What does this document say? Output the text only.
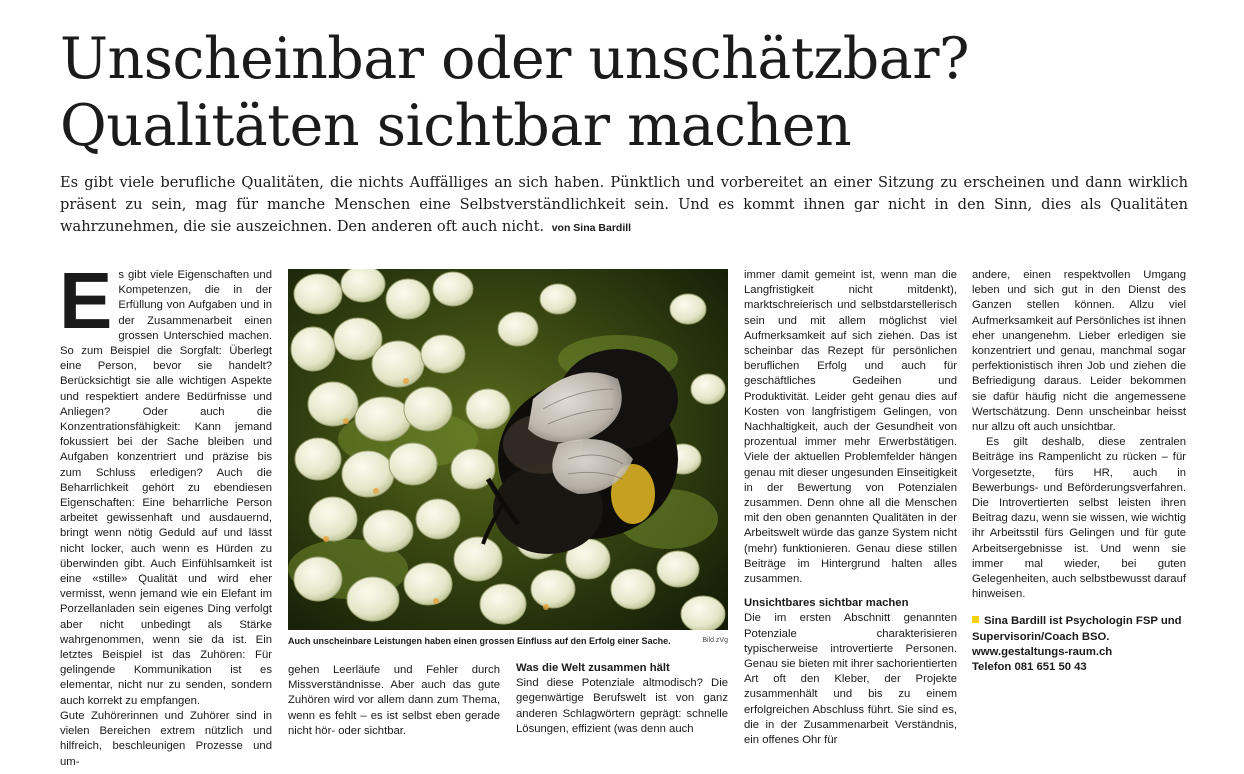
Unscheinbar oder unschätzbar?
Qualitäten sichtbar machen

Es gibt viele berufliche Qualitäten, die nichts Auffälliges an sich haben. Pünktlich und vorbereitet an einer Sitzung zu erscheinen und dann wirklich präsent zu sein, mag für manche Menschen eine Selbstverständlichkeit sein. Und es kommt ihnen gar nicht in den Sinn, dies als Qualitäten wahrzunehmen, die sie auszeichnen. Den anderen oft auch nicht. von Sina Bardill

Es gibt viele Eigenschaften und Kompetenzen, die in der Erfüllung von Aufgaben und in der Zusammenarbeit einen grossen Unterschied machen. So zum Beispiel die Sorgfalt: Überlegt eine Person, bevor sie handelt? Berücksichtigt sie alle wichtigen Aspekte und respektiert andere Bedürfnisse und Anliegen? Oder auch die Konzentrationsfähigkeit: Kann jemand fokussiert bei der Sache bleiben und Aufgaben konzentriert und präzise bis zum Schluss erledigen? Auch die Beharrlichkeit gehört zu ebendiesen Eigenschaften: Eine beharrliche Person arbeitet gewissenhaft und ausdauernd, bringt wenn nötig Geduld auf und lässt nicht locker, auch wenn es Hürden zu überwinden gibt. Auch Einfühlsamkeit ist eine «stille» Qualität und wird eher vermisst, wenn jemand wie ein Elefant im Porzellanladen sein eigenes Ding verfolgt aber nicht unbedingt als Stärke wahrgenommen, wenn sie da ist. Ein letztes Beispiel ist das Zuhören: Für gelingende Kommunikation ist es elementar, nicht nur zu senden, sondern auch korrekt zu empfangen.

Gute Zuhörerinnen und Zuhörer sind in vielen Bereichen extrem nützlich und hilfreich, beschleunigen Prozesse und um-

Auch unscheinbare Leistungen haben einen grossen Einfluss auf den Erfolg einer Sache.	Bild zVg

gehen Leerläufe und Fehler durch Missverständnisse. Aber auch das gute Zuhören wird vor allem dann zum Thema, wenn es fehlt – es ist selbst eben gerade nicht hör- oder sichtbar.

Was die Welt zusammen hält

Sind diese Potenziale altmodisch? Die gegenwärtige Berufswelt ist von ganz anderen Schlagwörtern geprägt: schnelle Lösungen, effizient (was denn auch

immer damit gemeint ist, wenn man die Langfristigkeit nicht mitdenkt), marktschreierisch und selbstdarstellerisch sein und mit allem möglichst viel Aufmerksamkeit auf sich ziehen. Das ist scheinbar das Rezept für persönlichen beruflichen Erfolg und auch für geschäftliches Gedeihen und Produktivität. Leider geht genau dies auf Kosten von langfristigem Gelingen, von Nachhaltigkeit, auch der Gesundheit von prozentual immer mehr Erwerbstätigen. Viele der aktuellen Problemfelder hängen genau mit dieser ungesunden Einseitigkeit in der Bewertung von Potenzialen zusammen. Denn ohne all die Menschen mit den oben genannten Qualitäten in der Arbeitswelt würde das ganze System nicht (mehr) funktionieren. Genau diese stillen Beiträge im Hintergrund halten alles zusammen.

Unsichtbares sichtbar machen

Die im ersten Abschnitt genannten Potenziale charakterisieren typischerweise introvertierte Personen. Genau sie bieten mit ihrer sachorientierten Art oft den Kleber, der Projekte zusammenhält und bis zu einem erfolgreichen Abschluss führt. Sie sind es, die in der Zusammenarbeit Verständnis, ein offenes Ohr für

andere, einen respektvollen Umgang leben und sich gut in den Dienst des Ganzen stellen können. Allzu viel Aufmerksamkeit auf Persönliches ist ihnen eher unangenehm. Lieber erledigen sie konzentriert und genau, manchmal sogar perfektionistisch ihren Job und ziehen die Befriedigung daraus. Leider bekommen sie dafür häufig nicht die angemessene Wertschätzung. Denn unscheinbar heisst nur allzu oft auch unsichtbar.

Es gilt deshalb, diese zentralen Beiträge ins Rampenlicht zu rücken – für Vorgesetzte, fürs HR, auch in Bewerbungs- und Beförderungsverfahren. Die Introvertierten selbst leisten ihren Beitrag dazu, wenn sie wissen, wie wichtig ihr Arbeitsstil fürs Gelingen und für gute Arbeitsergebnisse ist. Und wenn sie immer mal wieder, bei guten Gelegenheiten, auch selbstbewusst darauf hinweisen.

Sina Bardill ist Psychologin FSP und Supervisorin/Coach BSO.
www.gestaltungs-raum.ch
Telefon 081 651 50 43
